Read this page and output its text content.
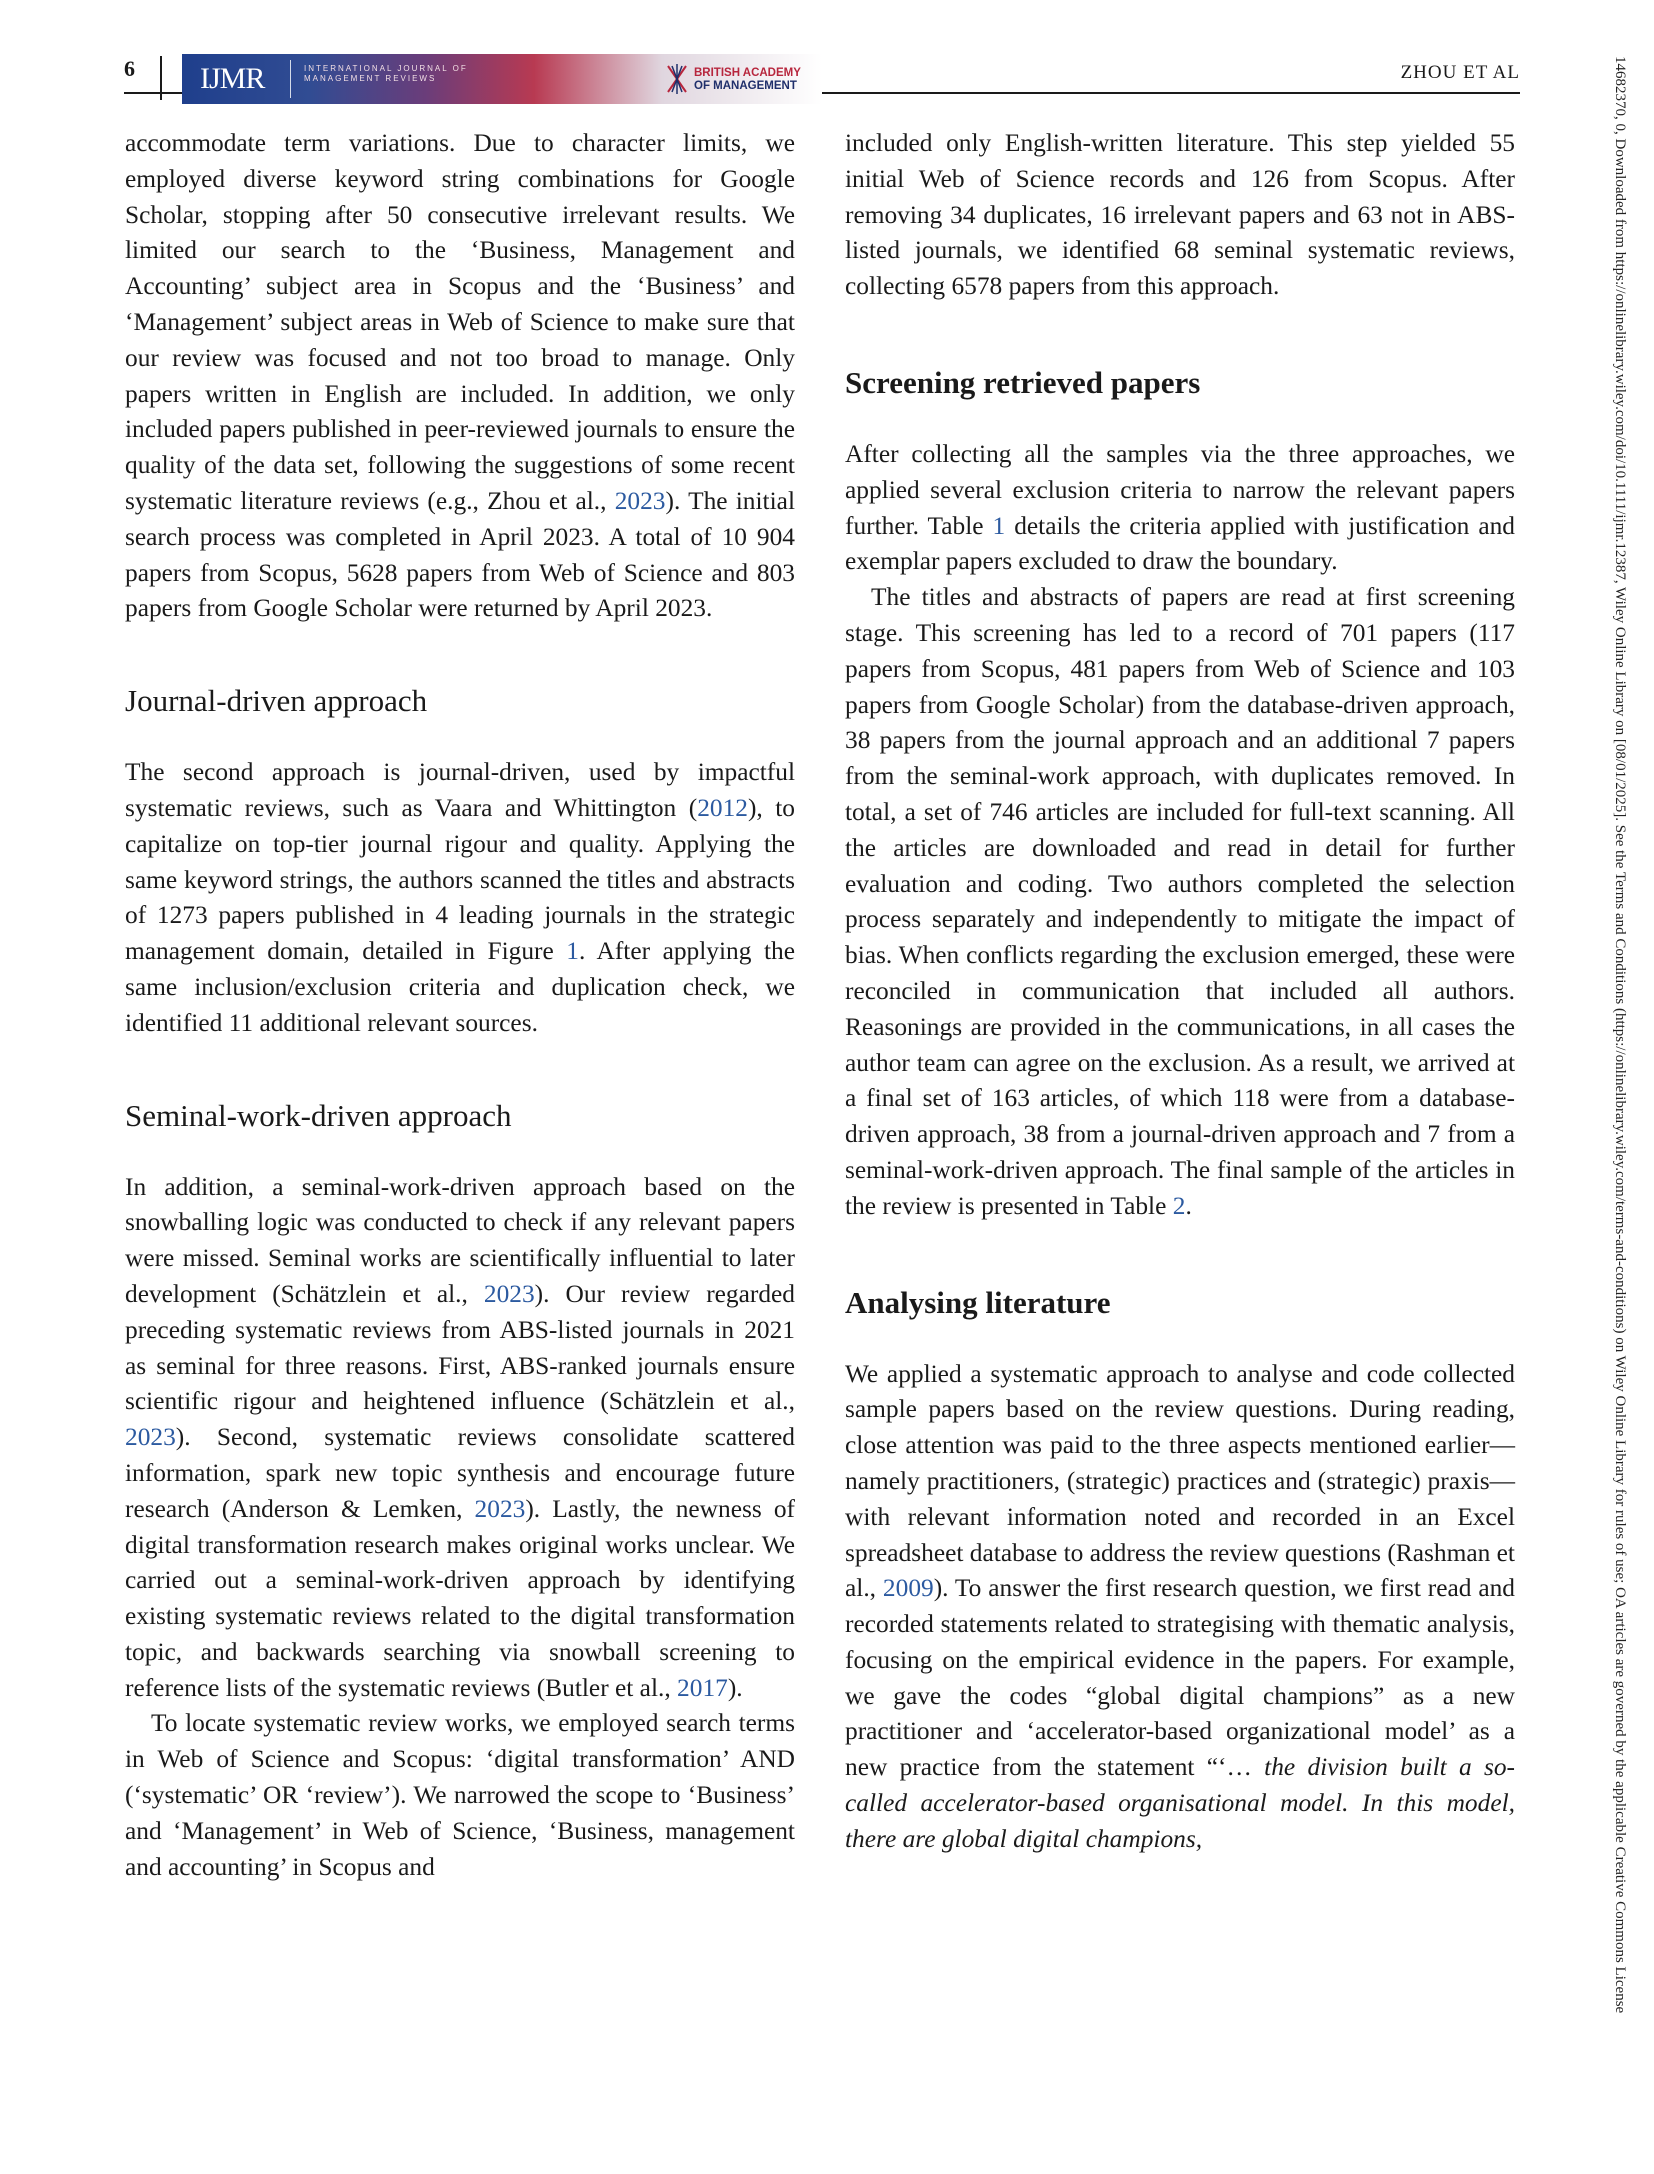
6 IJMR	INTERNATIONAL JOURNAL OF MANAGEMENT REVIEWS	BRITISH ACADEMY
OF MANAGEMENT
ZHOU ET AL

accommodate term variations. Due to character limits, we employed diverse keyword string combinations for Google Scholar, stopping after 50 consecutive irrelevant results. We limited our search to the ‘Business, Management and Accounting’ subject area in Scopus and the ‘Business’ and ‘Management’ subject areas in Web of Science to make sure that our review was focused and not too broad to manage. Only papers written in English are included. In addition, we only included papers published in peer-reviewed journals to ensure the quality of the data set, following the suggestions of some recent systematic literature reviews (e.g., Zhou et al., 2023). The initial search process was completed in April 2023. A total of 10 904 papers from Scopus, 5628 papers from Web of Science and 803 papers from Google Scholar were returned by April 2023.

Journal-driven approach

The second approach is journal-driven, used by impactful systematic reviews, such as Vaara and Whittington (2012), to capitalize on top-tier journal rigour and quality. Applying the same keyword strings, the authors scanned the titles and abstracts of 1273 papers published in 4 leading journals in the strategic management domain, detailed in Figure 1. After applying the same inclusion/exclusion criteria and duplication check, we identified 11 additional relevant sources.

Seminal-work-driven approach

In addition, a seminal-work-driven approach based on the snowballing logic was conducted to check if any relevant papers were missed. Seminal works are scientifically influential to later development (Schätzlein et al., 2023). Our review regarded preceding systematic reviews from ABS-listed journals in 2021 as seminal for three reasons. First, ABS-ranked journals ensure scientific rigour and heightened influence (Schätzlein et al., 2023). Second, systematic reviews consolidate scattered information, spark new topic synthesis and encourage future research (Anderson & Lemken, 2023). Lastly, the newness of digital transformation research makes original works unclear. We carried out a seminal-work-driven approach by identifying existing systematic reviews related to the digital transformation topic, and backwards searching via snowball screening to reference lists of the systematic reviews (Butler et al., 2017).

To locate systematic review works, we employed search terms in Web of Science and Scopus: ‘digital transformation’ AND (‘systematic’ OR ‘review’). We narrowed the scope to ‘Business’ and ‘Management’ in Web of Science, ‘Business, management and accounting’ in Scopus and

included only English-written literature. This step yielded 55 initial Web of Science records and 126 from Scopus. After removing 34 duplicates, 16 irrelevant papers and 63 not in ABS-listed journals, we identified 68 seminal systematic reviews, collecting 6578 papers from this approach.

Screening retrieved papers

After collecting all the samples via the three approaches, we applied several exclusion criteria to narrow the relevant papers further. Table 1 details the criteria applied with justification and exemplar papers excluded to draw the boundary.

The titles and abstracts of papers are read at first screening stage. This screening has led to a record of 701 papers (117 papers from Scopus, 481 papers from Web of Science and 103 papers from Google Scholar) from the database-driven approach, 38 papers from the journal approach and an additional 7 papers from the seminal-work approach, with duplicates removed. In total, a set of 746 articles are included for full-text scanning. All the articles are downloaded and read in detail for further evaluation and coding. Two authors completed the selection process separately and independently to mitigate the impact of bias. When conflicts regarding the exclusion emerged, these were reconciled in communication that included all authors. Reasonings are provided in the communications, in all cases the author team can agree on the exclusion. As a result, we arrived at a final set of 163 articles, of which 118 were from a database-driven approach, 38 from a journal-driven approach and 7 from a seminal-work-driven approach. The final sample of the articles in the review is presented in Table 2.

Analysing literature

We applied a systematic approach to analyse and code collected sample papers based on the review questions. During reading, close attention was paid to the three aspects mentioned earlier—namely practitioners, (strategic) practices and (strategic) praxis—with relevant information noted and recorded in an Excel spreadsheet database to address the review questions (Rashman et al., 2009). To answer the first research question, we first read and recorded statements related to strategising with thematic analysis, focusing on the empirical evidence in the papers. For example, we gave the codes “global digital champions” as a new practitioner and ‘accelerator-based organizational model’ as a new practice from the statement “‘… the division built a so-called accelerator-based organisational model. In this model, there are global digital champions,	14682370, 0, Downloaded from https://onlinelibrary.wiley.com/doi/10.1111/ijmr.12387, Wiley Online Library on [08/01/2025]. See the Terms and Conditions (https://onlinelibrary.wiley.com/terms-and-conditions) on Wiley Online Library for rules of use; OA articles are governed by the applicable Creative Commons License
